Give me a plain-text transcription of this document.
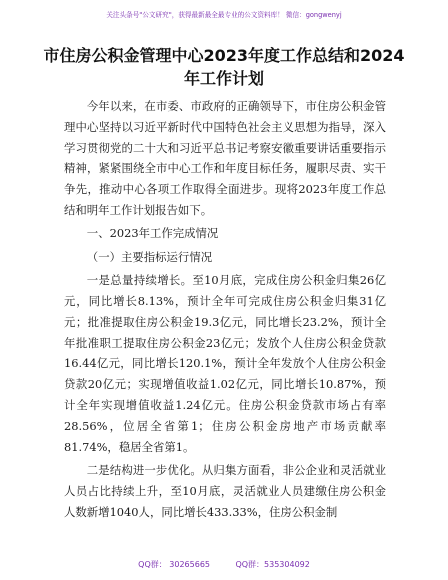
关注头条号"公文研究"，获得最新最全最专业的公文资料库！ 微信：gongwenyj
市住房公积金管理中心2023年度工作总结和2024年工作计划

今年以来，在市委、市政府的正确领导下，市住房公积金管理中心坚持以习近平新时代中国特色社会主义思想为指导，深入学习贯彻党的二十大和习近平总书记考察安徽重要讲话重要指示精神，紧紧围绕全市中心工作和年度目标任务，履职尽责、实干争先，推动中心各项工作取得全面进步。现将2023年度工作总结和明年工作计划报告如下。

一、2023年工作完成情况

（一）主要指标运行情况

一是总量持续增长。至10月底，完成住房公积金归集26亿元，同比增长8.13%，预计全年可完成住房公积金归集31亿元；批准提取住房公积金19.3亿元，同比增长23.2%，预计全年批准职工提取住房公积金23亿元；发放个人住房公积金贷款16.44亿元，同比增长120.1%，预计全年发放个人住房公积金贷款20亿元；实现增值收益1.02亿元，同比增长10.87%，预计全年实现增值收益1.24亿元。住房公积金贷款市场占有率28.56%，位居全省第1；住房公积金房地产市场贡献率81.74%，稳居全省第1。

二是结构进一步优化。从归集方面看，非公企业和灵活就业人员占比持续上升，至10月底，灵活就业人员建缴住房公积金人数新增1040人，同比增长433.33%，住房公积金制

QQ群： 30265665	QQ群：535304092
